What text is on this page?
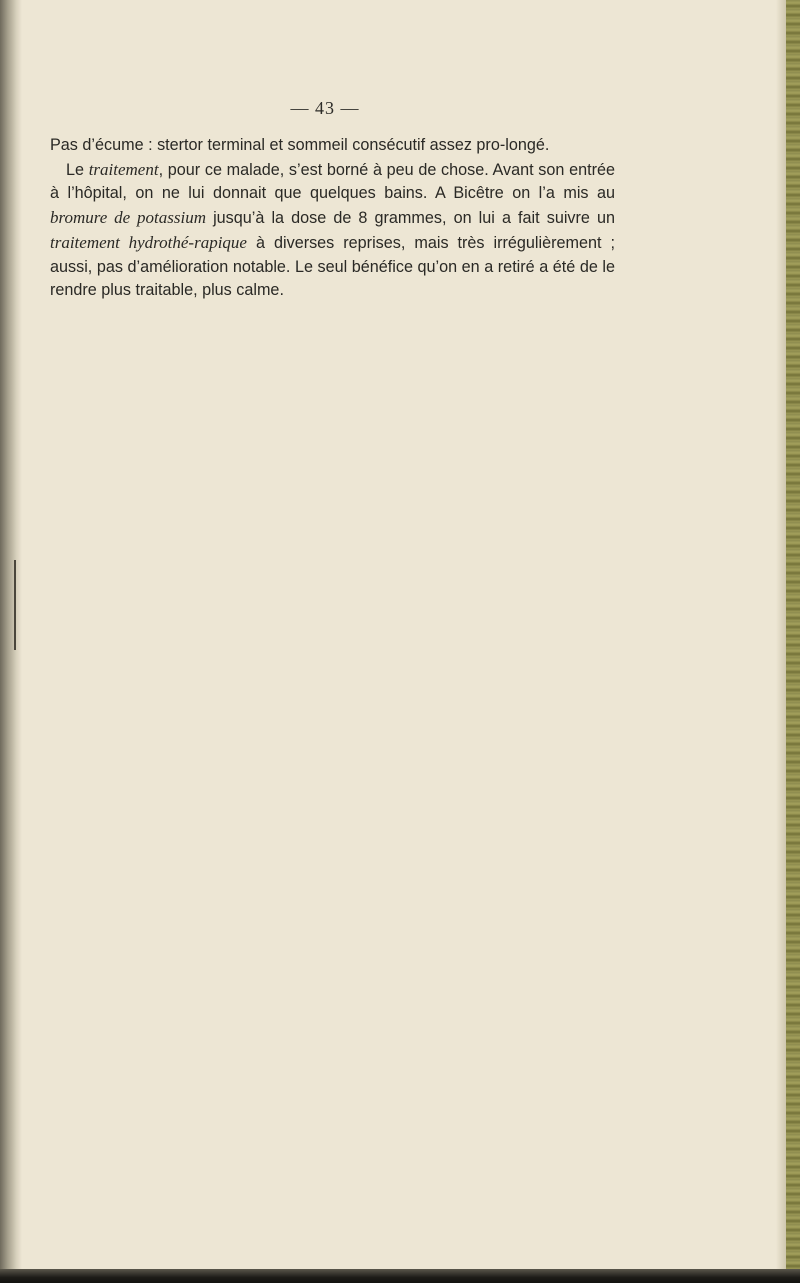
— 43 —

Pas d’écume : stertor terminal et sommeil consécutif assez pro-longé.

Le traitement, pour ce malade, s’est borné à peu de chose. Avant son entrée à l’hôpital, on ne lui donnait que quelques bains. A Bicêtre on l’a mis au bromure de potassium jusqu’à la dose de 8 grammes, on lui a fait suivre un traitement hydrothé-rapique à diverses reprises, mais très irrégulièrement ; aussi, pas d’amélioration notable. Le seul bénéfice qu’on en a retiré a été de le rendre plus traitable, plus calme.
